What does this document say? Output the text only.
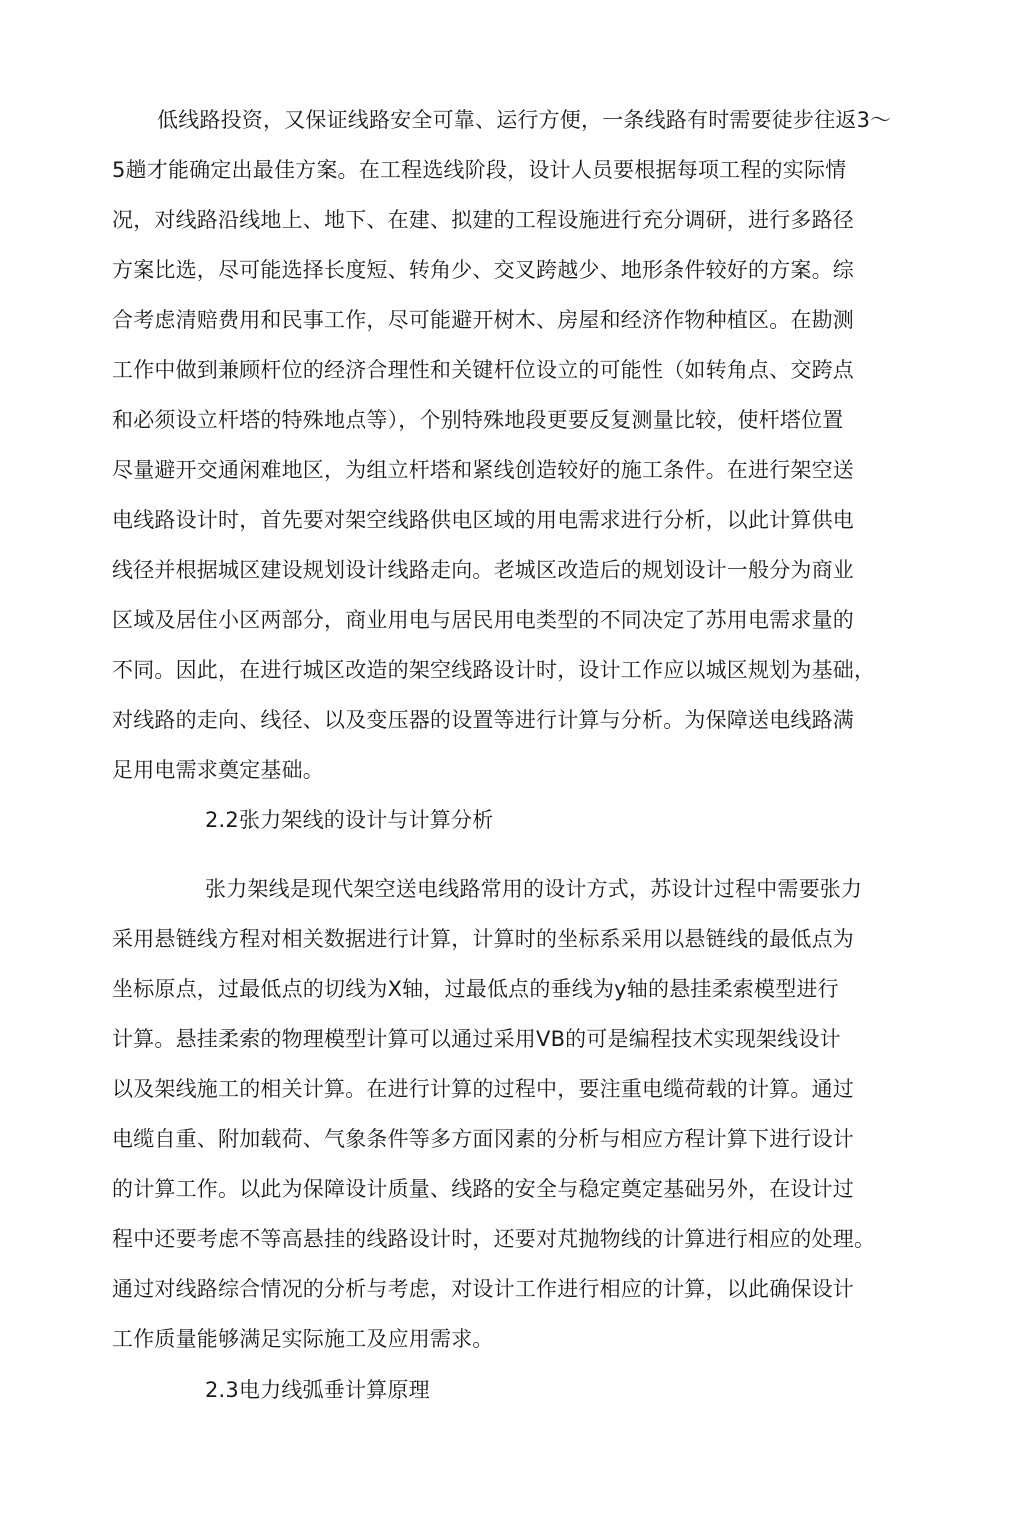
低线路投资，又保证线路安全可靠、运行方便，一条线路有时需要徒步往返3～
5趟才能确定出最佳方案。在工程选线阶段，设计人员要根据每项工程的实际情
况，对线路沿线地上、地下、在建、拟建的工程设施进行充分调研，进行多路径
方案比选，尽可能选择长度短、转角少、交叉跨越少、地形条件较好的方案。综
合考虑清赔费用和民事工作，尽可能避开树木、房屋和经济作物种植区。在勘测
工作中做到兼顾杆位的经济合理性和关键杆位设立的可能性（如转角点、交跨点
和必须设立杆塔的特殊地点等），个别特殊地段更要反复测量比较，使杆塔位置
尽量避开交通闲难地区，为组立杆塔和紧线创造较好的施工条件。在进行架空送
电线路设计时，首先要对架空线路供电区域的用电需求进行分析，以此计算供电
线径并根据城区建设规划设计线路走向。老城区改造后的规划设计一般分为商业
区域及居住小区两部分，商业用电与居民用电类型的不同决定了苏用电需求量的
不同。因此，在进行城区改造的架空线路设计时，设计工作应以城区规划为基础，
对线路的走向、线径、以及变压器的设置等进行计算与分析。为保障送电线路满
足用电需求奠定基础。
2.2张力架线的设计与计算分析
张力架线是现代架空送电线路常用的设计方式，苏设计过程中需要张力
采用悬链线方程对相关数据进行计算，计算时的坐标系采用以悬链线的最低点为
坐标原点，过最低点的切线为X轴，过最低点的垂线为y轴的悬挂柔索模型进行
计算。悬挂柔索的物理模型计算可以通过采用VB的可是编程技术实现架线设计
以及架线施工的相关计算。在进行计算的过程中，要注重电缆荷载的计算。通过
电缆自重、附加载荷、气象条件等多方面冈素的分析与相应方程计算下进行设计
的计算工作。以此为保障设计质量、线路的安全与稳定奠定基础另外，在设计过
程中还要考虑不等高悬挂的线路设计时，还要对芃抛物线的计算进行相应的处理。
通过对线路综合情况的分析与考虑，对设计工作进行相应的计算，以此确保设计
工作质量能够满足实际施工及应用需求。
2.3电力线弧垂计算原理
